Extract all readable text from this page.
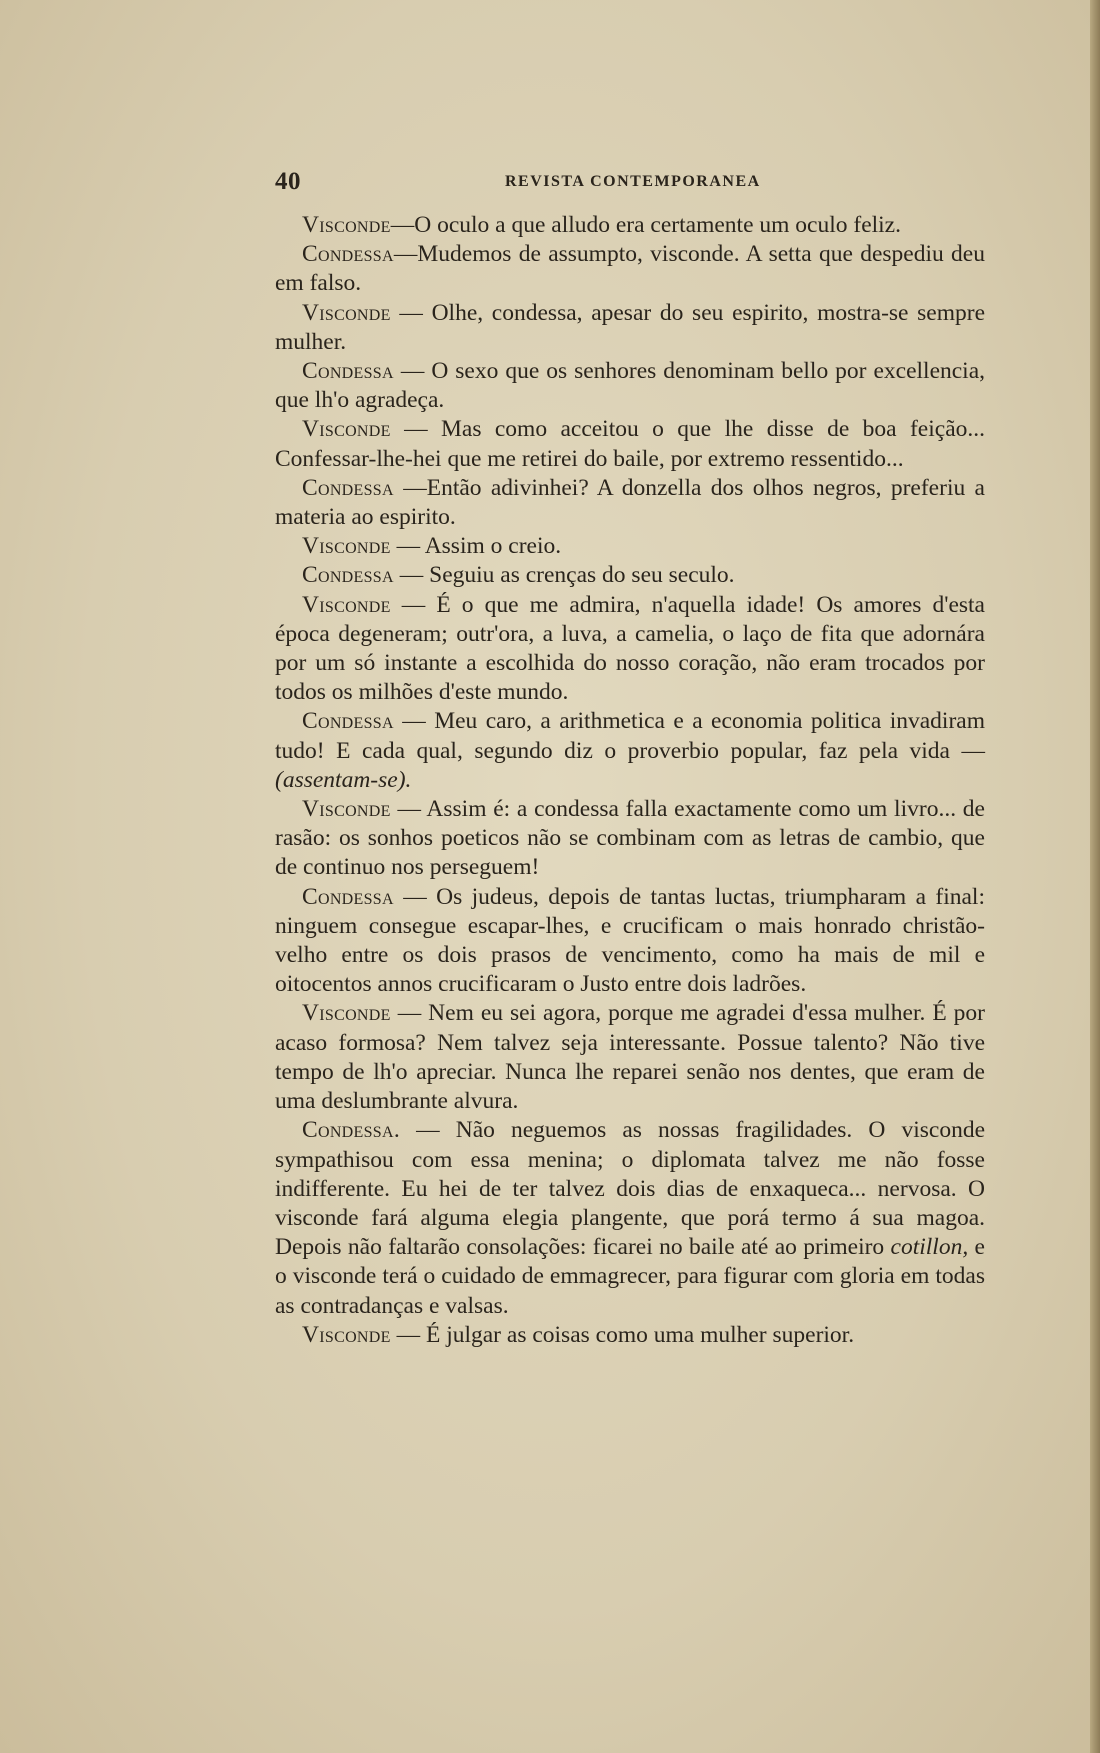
40	REVISTA CONTEMPORANEA

Visconde—O oculo a que alludo era certamente um oculo feliz.

Condessa—Mudemos de assumpto, visconde. A setta que despediu deu em falso.

Visconde — Olhe, condessa, apesar do seu espirito, mostra-se sempre mulher.

Condessa — O sexo que os senhores denominam bello por excellencia, que lh'o agradeça.

Visconde — Mas como acceitou o que lhe disse de boa feição... Confessar-lhe-hei que me retirei do baile, por extremo ressentido...

Condessa —Então adivinhei? A donzella dos olhos negros, preferiu a materia ao espirito.

Visconde — Assim o creio.

Condessa — Seguiu as crenças do seu seculo.

Visconde — É o que me admira, n'aquella idade! Os amores d'esta época degeneram; outr'ora, a luva, a camelia, o laço de fita que adornára por um só instante a escolhida do nosso coração, não eram trocados por todos os milhões d'este mundo.

Condessa — Meu caro, a arithmetica e a economia politica invadiram tudo! E cada qual, segundo diz o proverbio popular, faz pela vida — (assentam-se).

Visconde — Assim é: a condessa falla exactamente como um livro... de rasão: os sonhos poeticos não se combinam com as letras de cambio, que de continuo nos perseguem!

Condessa — Os judeus, depois de tantas luctas, triumpharam a final: ninguem consegue escapar-lhes, e crucificam o mais honrado christão-velho entre os dois prasos de vencimento, como ha mais de mil e oitocentos annos crucificaram o Justo entre dois ladrões.

Visconde — Nem eu sei agora, porque me agradei d'essa mulher. É por acaso formosa? Nem talvez seja interessante. Possue talento? Não tive tempo de lh'o apreciar. Nunca lhe reparei senão nos dentes, que eram de uma deslumbrante alvura.

Condessa. — Não neguemos as nossas fragilidades. O visconde sympathisou com essa menina; o diplomata talvez me não fosse indifferente. Eu hei de ter talvez dois dias de enxaqueca... nervosa. O visconde fará alguma elegia plangente, que porá termo á sua magoa. Depois não faltarão consolações: ficarei no baile até ao primeiro cotillon, e o visconde terá o cuidado de emmagrecer, para figurar com gloria em todas as contradanças e valsas.

Visconde — É julgar as coisas como uma mulher superior.
